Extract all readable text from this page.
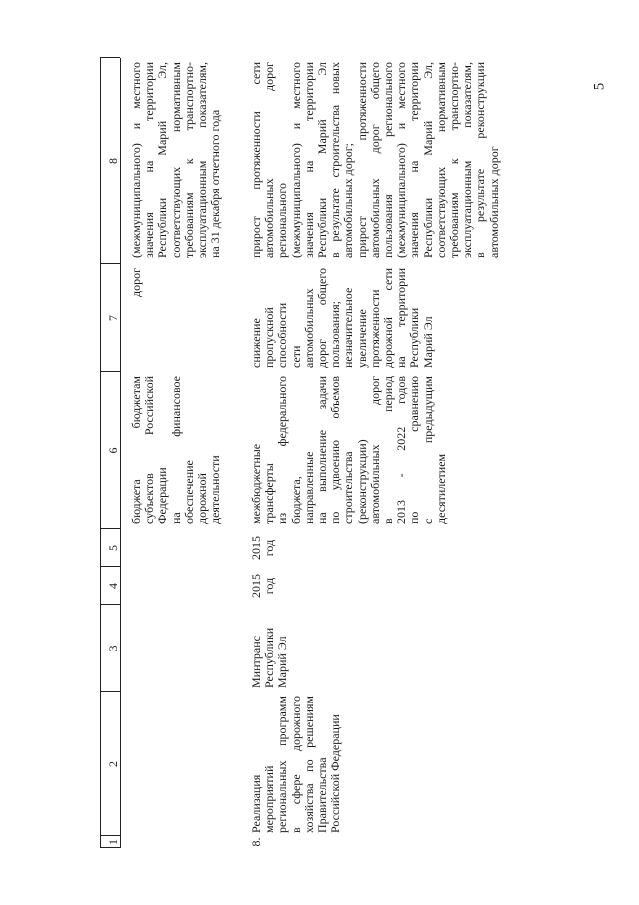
5
1
2
3
4
5
6
7
8

бюджета бюджетам субъектов Российской Федерации на финансовое обеспечение дорожной деятельности

дорог

(межмуниципального) и местного значения на территории Республики Марий Эл, соответствующих нормативным требованиям к транспортно- эксплуатационным показателям, на 31 декабря отчетного года

8.

Реализация мероприятий региональных программ в сфере дорожного хозяйства по решениям Правительства Российской Федерации

Минтранс Республики Марий Эл

2015 год

2015 год

межбюджетные трансферты из федерального бюджета, направленные на выполнение задачи по удвоению объемов строительства (реконструкции) автомобильных дорог в период 2013 - 2022 годов по сравнению с предыдущим десятилетием

снижение пропускной способности сети автомобильных дорог общего пользования; незначительное увеличение протяженности дорожной сети на территории Республики Марий Эл

прирост протяженности сети автомобильных дорог регионального (межмуниципального) и местного значения на территории Республики Марий Эл в результате строительства новых автомобильных дорог; прирост протяженности автомобильных дорог общего пользования регионального (межмуниципального) и местного значения на территории Республики Марий Эл, соответствующих нормативным требованиям к транспортно- эксплуатационным показателям, в результате реконструкции автомобильных дорог
